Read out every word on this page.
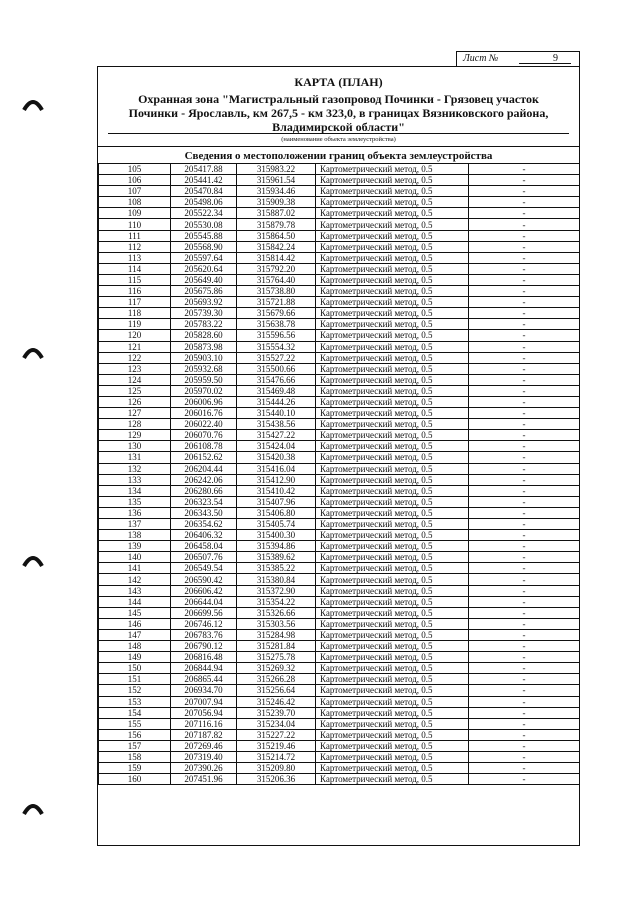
Лист №	9
КАРТА (ПЛАН)
Охранная зона "Магистральный газопровод Починки - Грязовец участок
Починки - Ярославль, км 267,5 - км 323,0, в границах Вязниковского района,
Владимирской области"
(наименование объекта землеустройства)
Сведения о местоположении границ объекта землеустройства
105	205417.88	315983.22	Картометрический метод, 0.5	-
106	205441.42	315961.54	Картометрический метод, 0.5	-
107	205470.84	315934.46	Картометрический метод, 0.5	-
108	205498.06	315909.38	Картометрический метод, 0.5	-
109	205522.34	315887.02	Картометрический метод, 0.5	-
110	205530.08	315879.78	Картометрический метод, 0.5	-
111	205545.88	315864.50	Картометрический метод, 0.5	-
112	205568.90	315842.24	Картометрический метод, 0.5	-
113	205597.64	315814.42	Картометрический метод, 0.5	-
114	205620.64	315792.20	Картометрический метод, 0.5	-
115	205649.40	315764.40	Картометрический метод, 0.5	-
116	205675.86	315738.80	Картометрический метод, 0.5	-
117	205693.92	315721.88	Картометрический метод, 0.5	-
118	205739.30	315679.66	Картометрический метод, 0.5	-
119	205783.22	315638.78	Картометрический метод, 0.5	-
120	205828.60	315596.56	Картометрический метод, 0.5	-
121	205873.98	315554.32	Картометрический метод, 0.5	-
122	205903.10	315527.22	Картометрический метод, 0.5	-
123	205932.68	315500.66	Картометрический метод, 0.5	-
124	205959.50	315476.66	Картометрический метод, 0.5	-
125	205970.02	315469.48	Картометрический метод, 0.5	-
126	206006.96	315444.26	Картометрический метод, 0.5	-
127	206016.76	315440.10	Картометрический метод, 0.5	-
128	206022.40	315438.56	Картометрический метод, 0.5	-
129	206070.76	315427.22	Картометрический метод, 0.5	-
130	206108.78	315424.04	Картометрический метод, 0.5	-
131	206152.62	315420.38	Картометрический метод, 0.5	-
132	206204.44	315416.04	Картометрический метод, 0.5	-
133	206242.06	315412.90	Картометрический метод, 0.5	-
134	206280.66	315410.42	Картометрический метод, 0.5	-
135	206323.54	315407.96	Картометрический метод, 0.5	-
136	206343.50	315406.80	Картометрический метод, 0.5	-
137	206354.62	315405.74	Картометрический метод, 0.5	-
138	206406.32	315400.30	Картометрический метод, 0.5	-
139	206458.04	315394.86	Картометрический метод, 0.5	-
140	206507.76	315389.62	Картометрический метод, 0.5	-
141	206549.54	315385.22	Картометрический метод, 0.5	-
142	206590.42	315380.84	Картометрический метод, 0.5	-
143	206606.42	315372.90	Картометрический метод, 0.5	-
144	206644.04	315354.22	Картометрический метод, 0.5	-
145	206699.56	315326.66	Картометрический метод, 0.5	-
146	206746.12	315303.56	Картометрический метод, 0.5	-
147	206783.76	315284.98	Картометрический метод, 0.5	-
148	206790.12	315281.84	Картометрический метод, 0.5	-
149	206816.48	315275.78	Картометрический метод, 0.5	-
150	206844.94	315269.32	Картометрический метод, 0.5	-
151	206865.44	315266.28	Картометрический метод, 0.5	-
152	206934.70	315256.64	Картометрический метод, 0.5	-
153	207007.94	315246.42	Картометрический метод, 0.5	-
154	207056.94	315239.70	Картометрический метод, 0.5	-
155	207116.16	315234.04	Картометрический метод, 0.5	-
156	207187.82	315227.22	Картометрический метод, 0.5	-
157	207269.46	315219.46	Картометрический метод, 0.5	-
158	207319.40	315214.72	Картометрический метод, 0.5	-
159	207390.26	315209.80	Картометрический метод, 0.5	-
160	207451.96	315206.36	Картометрический метод, 0.5	-
